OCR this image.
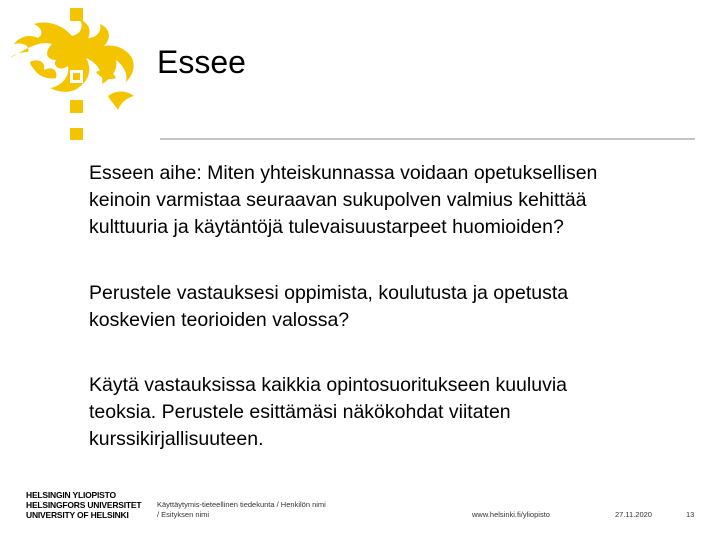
Essee

Esseen aihe: Miten yhteiskunnassa voidaan opetuksellisen
keinoin varmistaa seuraavan sukupolven valmius kehittää
kulttuuria ja käytäntöjä tulevaisuustarpeet huomioiden?

Perustele vastauksesi oppimista, koulutusta ja opetusta
koskevien teorioiden valossa?

Käytä vastauksissa kaikkia opintosuoritukseen kuuluvia
teoksia. Perustele esittämäsi näkökohdat viitaten
kurssikirjallisuuteen.

HELSINGIN YLIOPISTO
HELSINGFORS UNIVERSITET
UNIVERSITY OF HELSINKI
Käyttäytymis-tieteellinen tiedekunta / Henkilön nimi
/ Esityksen nimi	www.helsinki.fi/yliopisto	27.11.2020	13
